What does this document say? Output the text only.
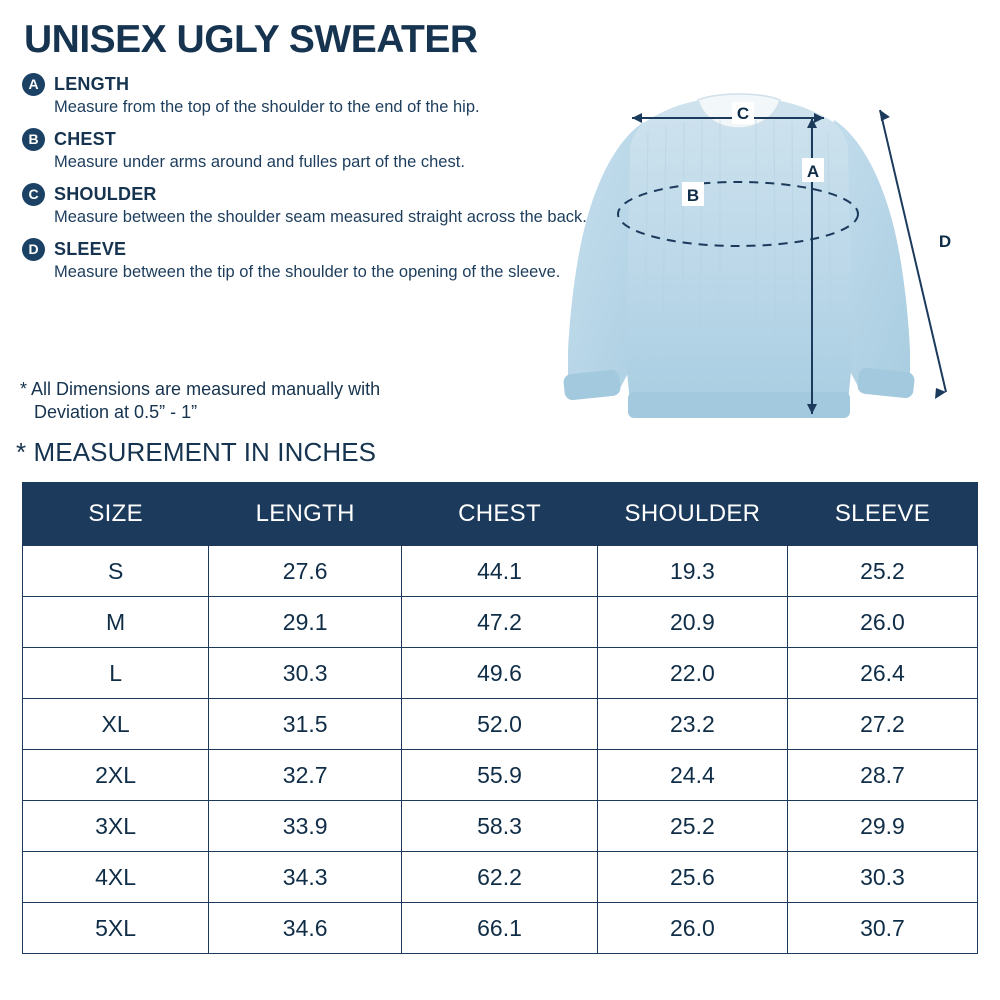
UNISEX UGLY SWEATER
A LENGTH
Measure from the top of the shoulder to the end of the hip.
B CHEST
Measure under arms around and fulles part of the chest.
C SHOULDER
Measure between the shoulder seam measured straight across the back.
D SLEEVE
Measure between the tip of the shoulder to the opening of the sleeve.
* All Dimensions are measured manually with
Deviation at 0.5” - 1”
* MEASUREMENT IN INCHES
C
A
B
D
SIZE	LENGTH	CHEST	SHOULDER	SLEEVE
S	27.6	44.1	19.3	25.2
M	29.1	47.2	20.9	26.0
L	30.3	49.6	22.0	26.4
XL	31.5	52.0	23.2	27.2
2XL	32.7	55.9	24.4	28.7
3XL	33.9	58.3	25.2	29.9
4XL	34.3	62.2	25.6	30.3
5XL	34.6	66.1	26.0	30.7
